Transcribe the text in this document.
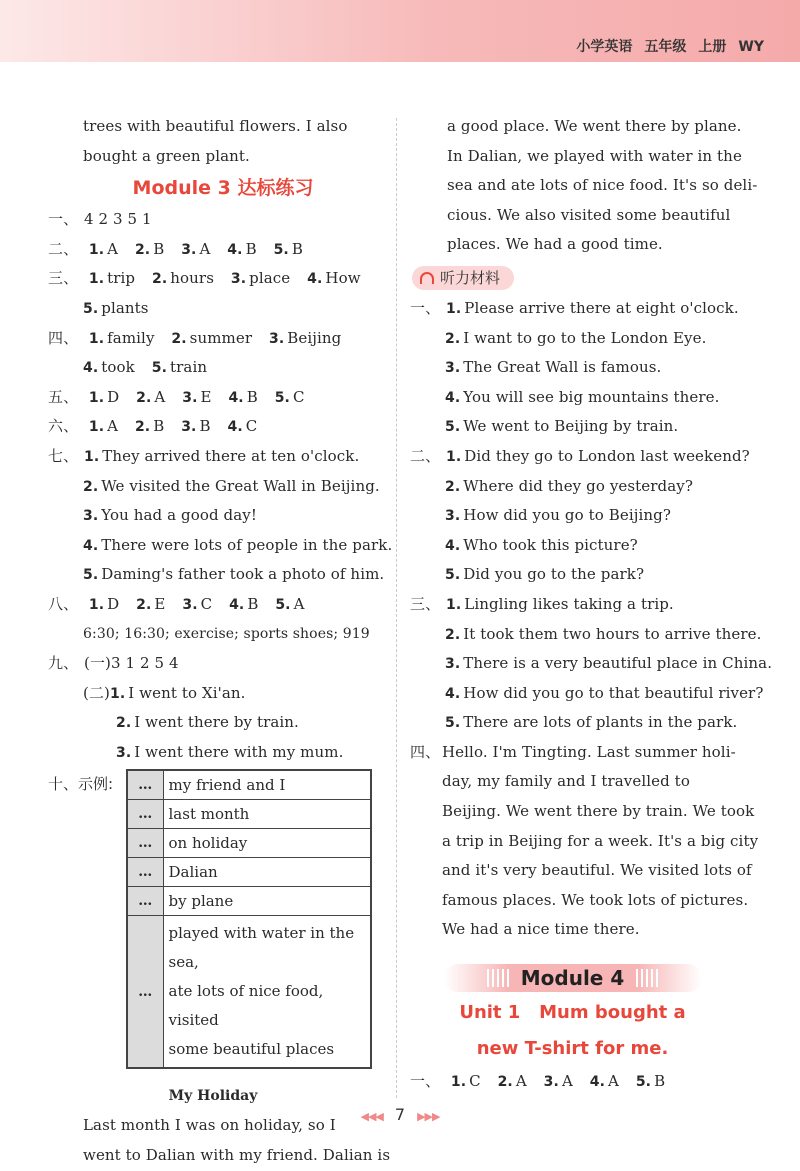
小学英语 五年级 上册 WY
trees with beautiful flowers. I also
bought a green plant.
Module 3 达标练习
一、 4 2 3 5 1
二、 1. A 2. B 3. A 4. B 5. B
三、 1. trip 2. hours 3. place 4. How
5. plants
四、 1. family 2. summer 3. Beijing
4. took 5. train
五、 1. D 2. A 3. E 4. B 5. C
六、 1. A 2. B 3. B 4. C
七、 1. They arrived there at ten o'clock.
2. We visited the Great Wall in Beijing.
3. You had a good day!
4. There were lots of people in the park.
5. Daming's father took a photo of him.
八、 1. D 2. E 3. C 4. B 5. A
6:30; 16:30; exercise; sports shoes; 919
九、 (一)3 1 2 5 4
(二)1. I went to Xi'an.
2. I went there by train.
3. I went there with my mum.
十、示例:	…	my friend and I
…	last month
…	on holiday
…	Dalian
…	by plane
…	played with water in the sea,
ate lots of nice food, visited
some beautiful places
My Holiday
Last month I was on holiday, so I
went to Dalian with my friend. Dalian is
a good place. We went there by plane.
In Dalian, we played with water in the
sea and ate lots of nice food. It's so deli-
cious. We also visited some beautiful
places. We had a good time.
听力材料
一、 1. Please arrive there at eight o'clock.
2. I want to go to the London Eye.
3. The Great Wall is famous.
4. You will see big mountains there.
5. We went to Beijing by train.
二、 1. Did they go to London last weekend?
2. Where did they go yesterday?
3. How did you go to Beijing?
4. Who took this picture?
5. Did you go to the park?
三、 1. Lingling likes taking a trip.
2. It took them two hours to arrive there.
3. There is a very beautiful place in China.
4. How did you go to that beautiful river?
5. There are lots of plants in the park.
四、 Hello. I'm Tingting. Last summer holi-
day, my family and I travelled to
Beijing. We went there by train. We took
a trip in Beijing for a week. It's a big city
and it's very beautiful. We visited lots of
famous places. We took lots of pictures.
We had a nice time there.
Module 4
Unit 1   Mum bought a
new T-shirt for me.
一、 1. C 2. A 3. A 4. A 5. B
◀◀◀ 7 ▶▶▶
